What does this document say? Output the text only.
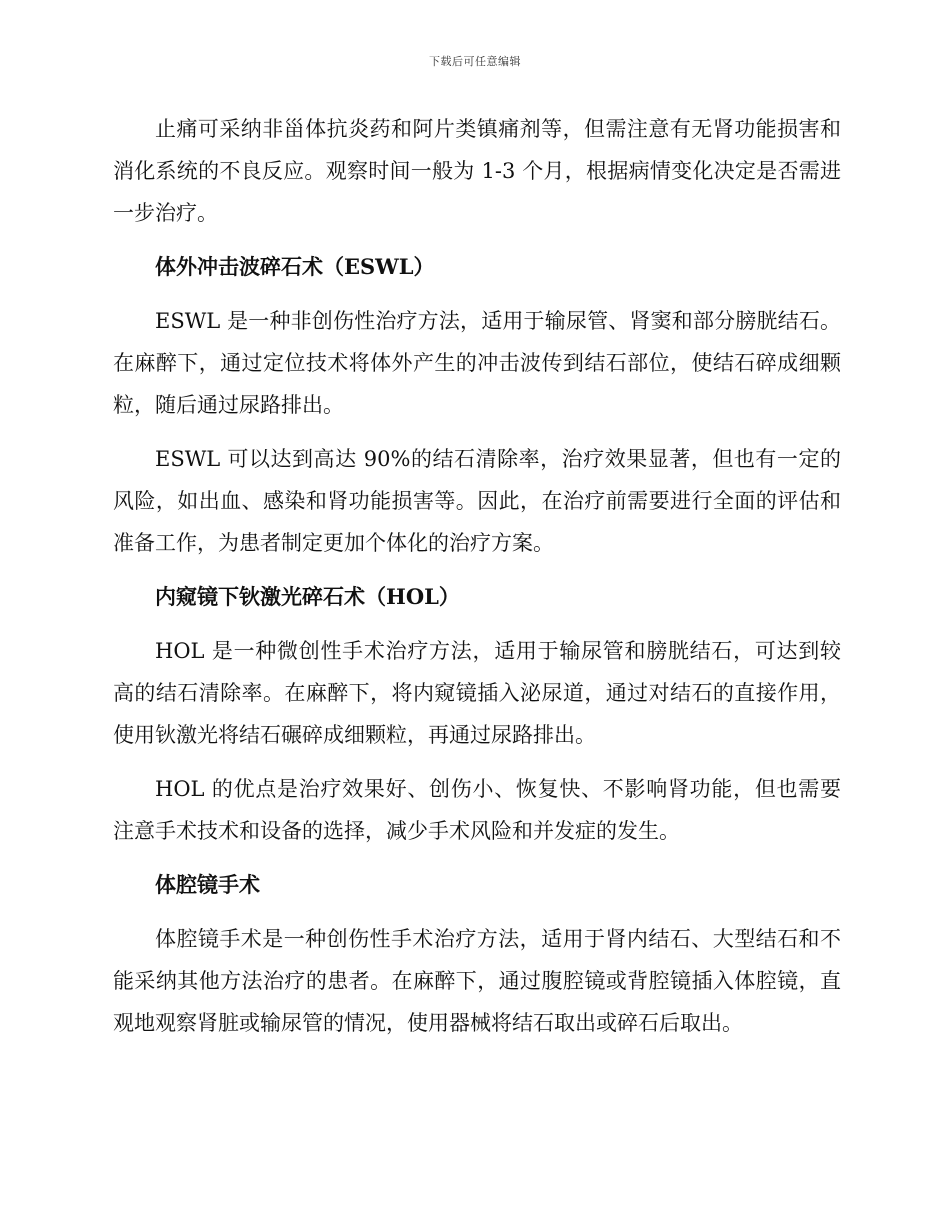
下载后可任意编辑

止痛可采纳非甾体抗炎药和阿片类镇痛剂等，但需注意有无肾功能损害和消化系统的不良反应。观察时间一般为 1-3 个月，根据病情变化决定是否需进一步治疗。

体外冲击波碎石术（ESWL）

ESWL 是一种非创伤性治疗方法，适用于输尿管、肾窦和部分膀胱结石。在麻醉下，通过定位技术将体外产生的冲击波传到结石部位，使结石碎成细颗粒，随后通过尿路排出。

ESWL 可以达到高达 90%的结石清除率，治疗效果显著，但也有一定的风险，如出血、感染和肾功能损害等。因此，在治疗前需要进行全面的评估和准备工作，为患者制定更加个体化的治疗方案。

内窥镜下钬激光碎石术（HOL）

HOL 是一种微创性手术治疗方法，适用于输尿管和膀胱结石，可达到较高的结石清除率。在麻醉下，将内窥镜插入泌尿道，通过对结石的直接作用，使用钬激光将结石碾碎成细颗粒，再通过尿路排出。

HOL 的优点是治疗效果好、创伤小、恢复快、不影响肾功能，但也需要注意手术技术和设备的选择，减少手术风险和并发症的发生。

体腔镜手术

体腔镜手术是一种创伤性手术治疗方法，适用于肾内结石、大型结石和不能采纳其他方法治疗的患者。在麻醉下，通过腹腔镜或背腔镜插入体腔镜，直观地观察肾脏或输尿管的情况，使用器械将结石取出或碎石后取出。
